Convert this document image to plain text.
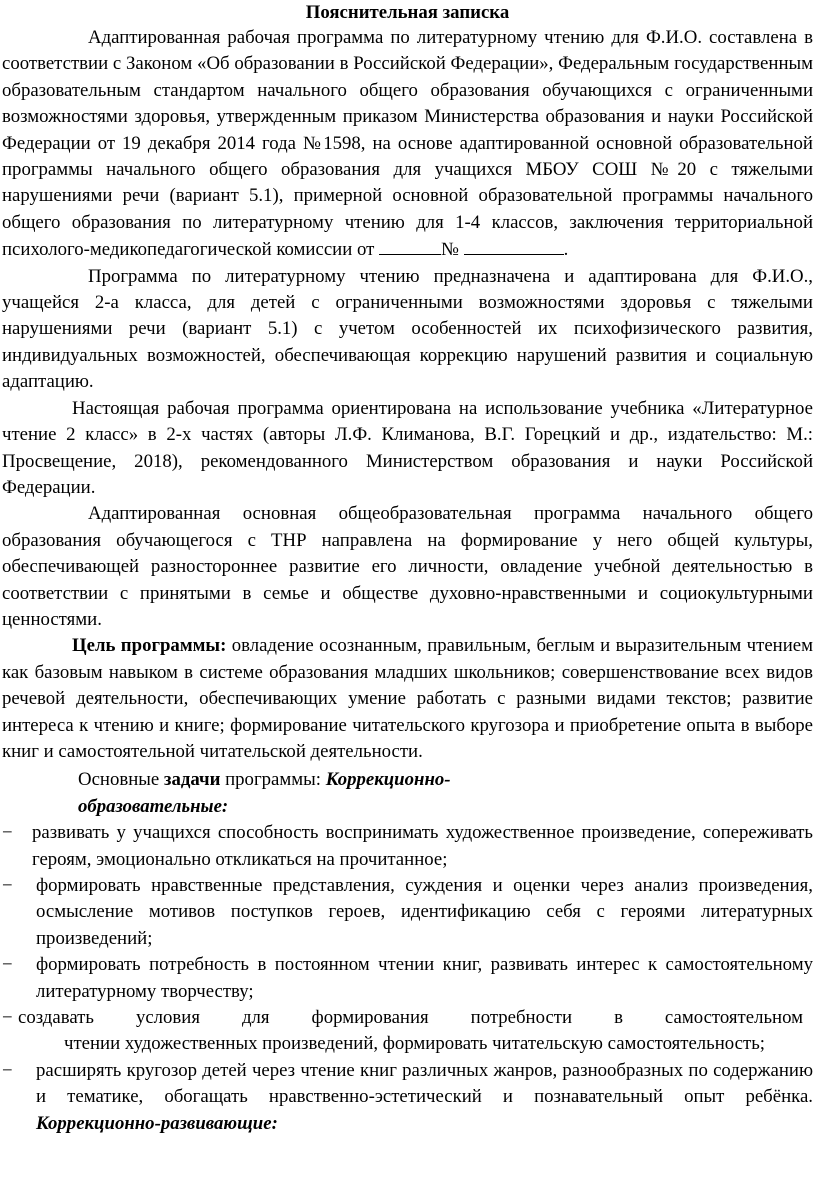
Пояснительная записка

Адаптированная рабочая программа по литературному чтению для Ф.И.О. составлена в соответствии с Законом «Об образовании в Российской Федерации», Федеральным государственным образовательным стандартом начального общего образования обучающихся с ограниченными возможностями здоровья, утвержденным приказом Министерства образования и науки Российской Федерации от 19 декабря 2014 года №1598, на основе адаптированной основной образовательной программы начального общего образования для учащихся МБОУ СОШ №20 с тяжелыми нарушениями речи (вариант 5.1), примерной основной образовательной программы начального общего образования по литературному чтению для 1-4 классов, заключения территориальной психолого-медикопедагогической комиссии от	№	.

Программа по литературному чтению предназначена и адаптирована для Ф.И.О., учащейся 2-а класса, для детей с ограниченными возможностями здоровья с тяжелыми нарушениями речи (вариант 5.1) с учетом особенностей их психофизического развития, индивидуальных возможностей, обеспечивающая коррекцию нарушений развития и социальную адаптацию.

Настоящая рабочая программа ориентирована на использование учебника «Литературное чтение 2 класс» в 2-х частях (авторы Л.Ф. Климанова, В.Г. Горецкий и др., издательство: М.: Просвещение, 2018), рекомендованного Министерством образования и науки Российской Федерации.

Адаптированная основная общеобразовательная программа начального общего образования обучающегося с ТНР направлена на формирование у него общей культуры, обеспечивающей разностороннее развитие его личности, овладение учебной деятельностью в соответствии с принятыми в семье и обществе духовно-нравственными и социокультурными ценностями.

Цель программы: овладение осознанным, правильным, беглым и выразительным чтением как базовым навыком в системе образования младших школьников; совершенствование всех видов речевой деятельности, обеспечивающих умение работать с разными видами текстов; развитие интереса к чтению и книге; формирование читательского кругозора и приобретение опыта в выборе книг и самостоятельной читательской деятельности.

Основные задачи программы: Коррекционно-

образовательные:

− развивать у учащихся способность воспринимать художественное произведение, сопереживать героям, эмоционально откликаться на прочитанное;
− формировать нравственные представления, суждения и оценки через анализ произведения, осмысление мотивов поступков героев, идентификацию себя с героями литературных произведений;
− формировать потребность в постоянном чтении книг, развивать интерес к самостоятельному литературному творчеству;
− создавать условия для формирования потребности в самостоятельном
чтении художественных произведений, формировать читательскую самостоятельность;
− расширять кругозор детей через чтение книг различных жанров, разнообразных по содержанию и тематике, обогащать нравственно-эстетический и познавательный опыт ребёнка. Коррекционно-развивающие:
